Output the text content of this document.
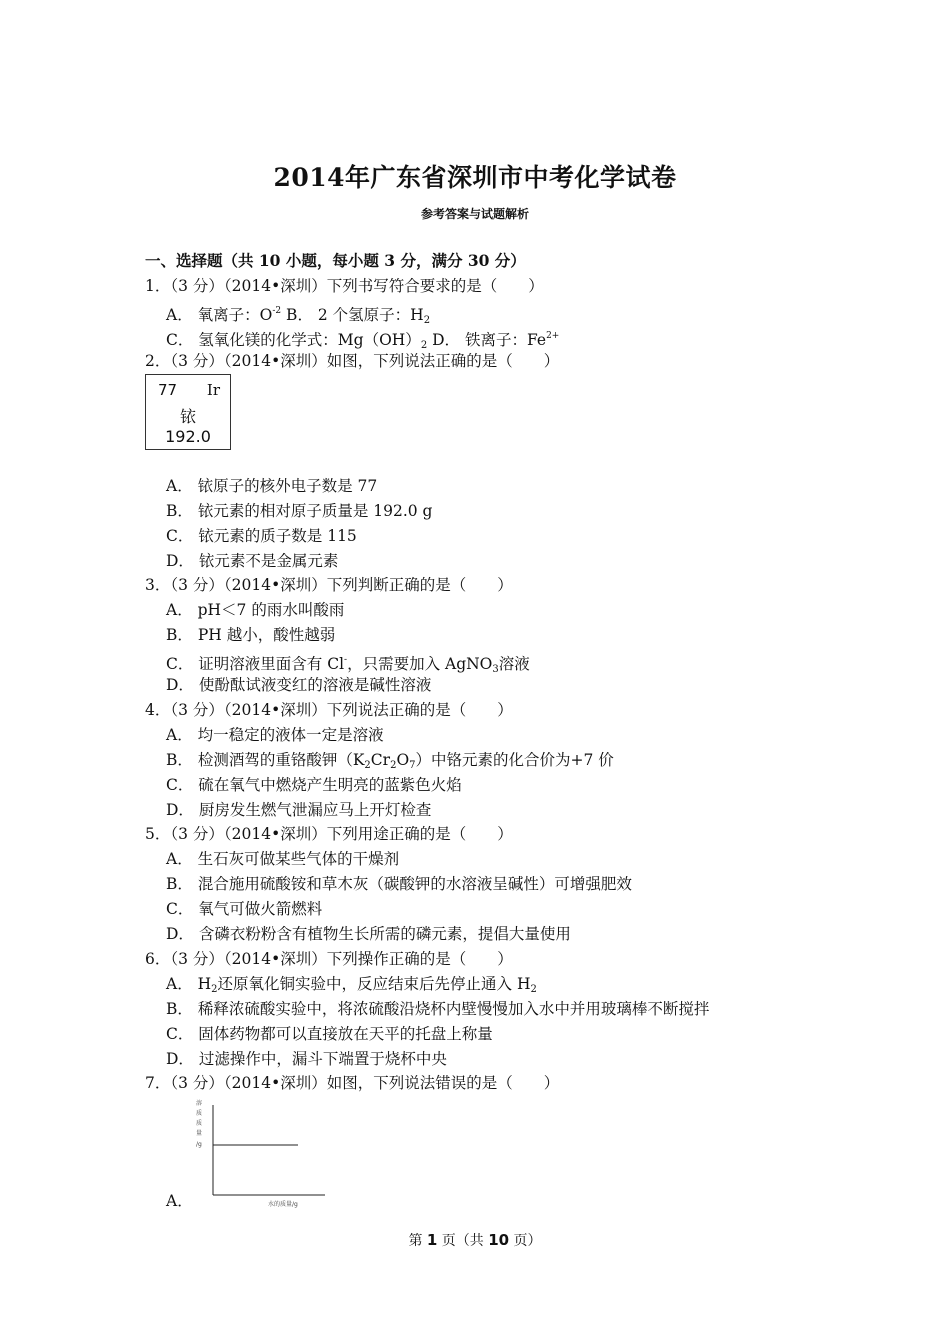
2014年广东省深圳市中考化学试卷
参考答案与试题解析
一、选择题（共 10 小题，每小题 3 分，满分 30 分）
1．（3 分）（2014•深圳）下列书写符合要求的是（　　）
A． 氧离子：$O^{-2}$ B． 2 个氢原子：$H_2$
C． 氢氧化镁的化学式：$Mg(OH)_2$ D． 铁离子：$Fe^{2+}$
2．（3 分）（2014•深圳）如图，下列说法正确的是（　　）
77 Ir
铱
192.0
A． 铱原子的核外电子数是 77
B． 铱元素的相对原子质量是 192.0 g
C． 铱元素的质子数是 115
D． 铱元素不是金属元素
3．（3 分）（2014•深圳）下列判断正确的是（　　）
A． pH＜7 的雨水叫酸雨
B． PH 越小，酸性越弱
C． 证明溶液里面含有 Cl-，只需要加入 AgNO$_3$溶液
D． 使酚酞试液变红的溶液是碱性溶液
4．（3 分）（2014•深圳）下列说法正确的是（　　）
A． 均一稳定的液体一定是溶液
B． 检测酒驾的重铬酸钾$(K_2Cr_2O_7)$中铬元素的化合价为+7 价
C． 硫在氧气中燃烧产生明亮的蓝紫色火焰
D． 厨房发生燃气泄漏应马上开灯检查
5．（3 分）（2014•深圳）下列用途正确的是（　　）
A． 生石灰可做某些气体的干燥剂
B． 混合施用硫酸铵和草木灰（碳酸钾的水溶液呈碱性）可增强肥效
C． 氧气可做火箭燃料
D． 含磷衣粉粉含有植物生长所需的磷元素，提倡大量使用
6．（3 分）（2014•深圳）下列操作正确的是（　　）
A． $H_2$还原氧化铜实验中，反应结束后先停止通入 $H_2$
B． 稀释浓硫酸实验中，将浓硫酸沿烧杯内壁慢慢加入水中并用玻璃棒不断搅拌
C． 固体药物都可以直接放在天平的托盘上称量
D． 过滤操作中，漏斗下端置于烧杯中央
7．（3 分）（2014•深圳）如图，下列说法错误的是（　　）
溶
质
质
量
/g
水的质量/g
A．
第 1 页（共 10 页）
